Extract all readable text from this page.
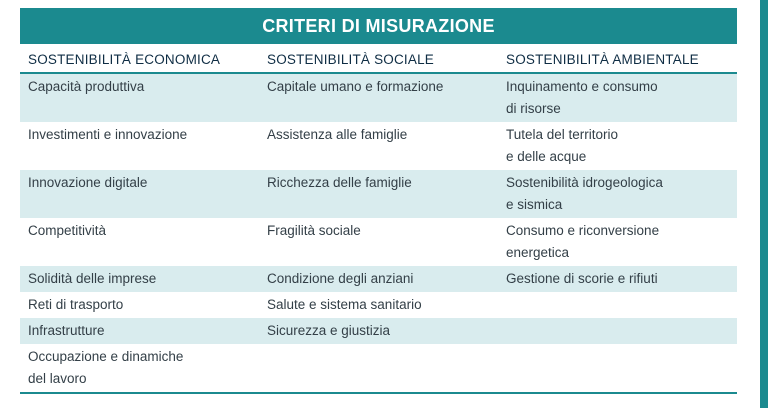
CRITERI DI MISURAZIONE
SOSTENIBILITÀ ECONOMICA	SOSTENIBILITÀ SOCIALE	SOSTENIBILITÀ AMBIENTALE
Capacità produttiva	Capitale umano e formazione	Inquinamento e consumo
di risorse
Investimenti e innovazione	Assistenza alle famiglie	Tutela del territorio
e delle acque
Innovazione digitale	Ricchezza delle famiglie	Sostenibilità idrogeologica
e sismica
Competitività	Fragilità sociale	Consumo e riconversione
energetica
Solidità delle imprese	Condizione degli anziani	Gestione di scorie e rifiuti
Reti di trasporto	Salute e sistema sanitario	
Infrastrutture	Sicurezza e giustizia	
Occupazione e dinamiche
del lavoro		
